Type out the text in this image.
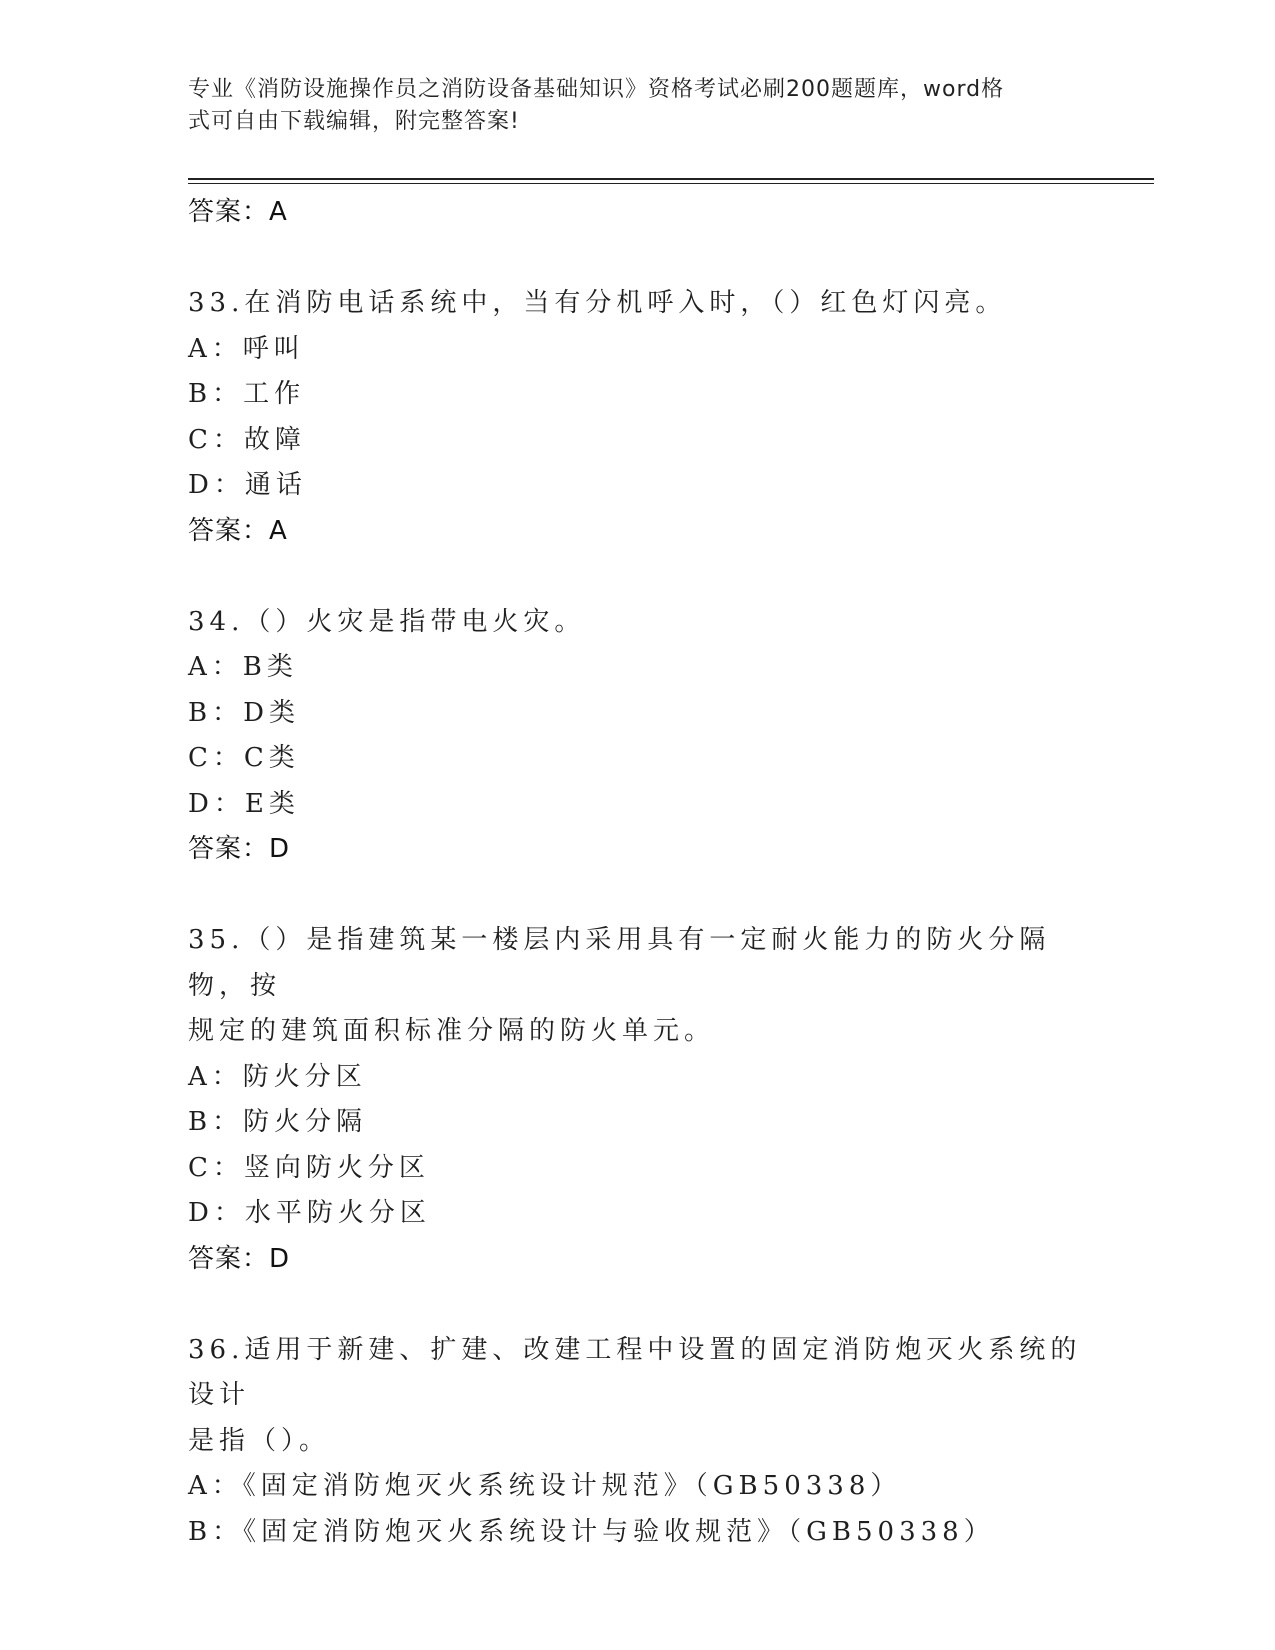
专业《消防设施操作员之消防设备基础知识》资格考试必刷200题题库，word格
式可自由下载编辑，附完整答案!
答案：A
33.在消防电话系统中，当有分机呼入时，（）红色灯闪亮。
A：呼叫
B：工作
C：故障
D：通话
答案：A
34.（）火灾是指带电火灾。
A：B类
B：D类
C：C类
D：E类
答案：D
35.（）是指建筑某一楼层内采用具有一定耐火能力的防火分隔物，按
规定的建筑面积标准分隔的防火单元。
A：防火分区
B：防火分隔
C：竖向防火分区
D：水平防火分区
答案：D
36.适用于新建、扩建、改建工程中设置的固定消防炮灭火系统的设计
是指（）。
A：《固定消防炮灭火系统设计规范》（GB50338）
B：《固定消防炮灭火系统设计与验收规范》（GB50338）
